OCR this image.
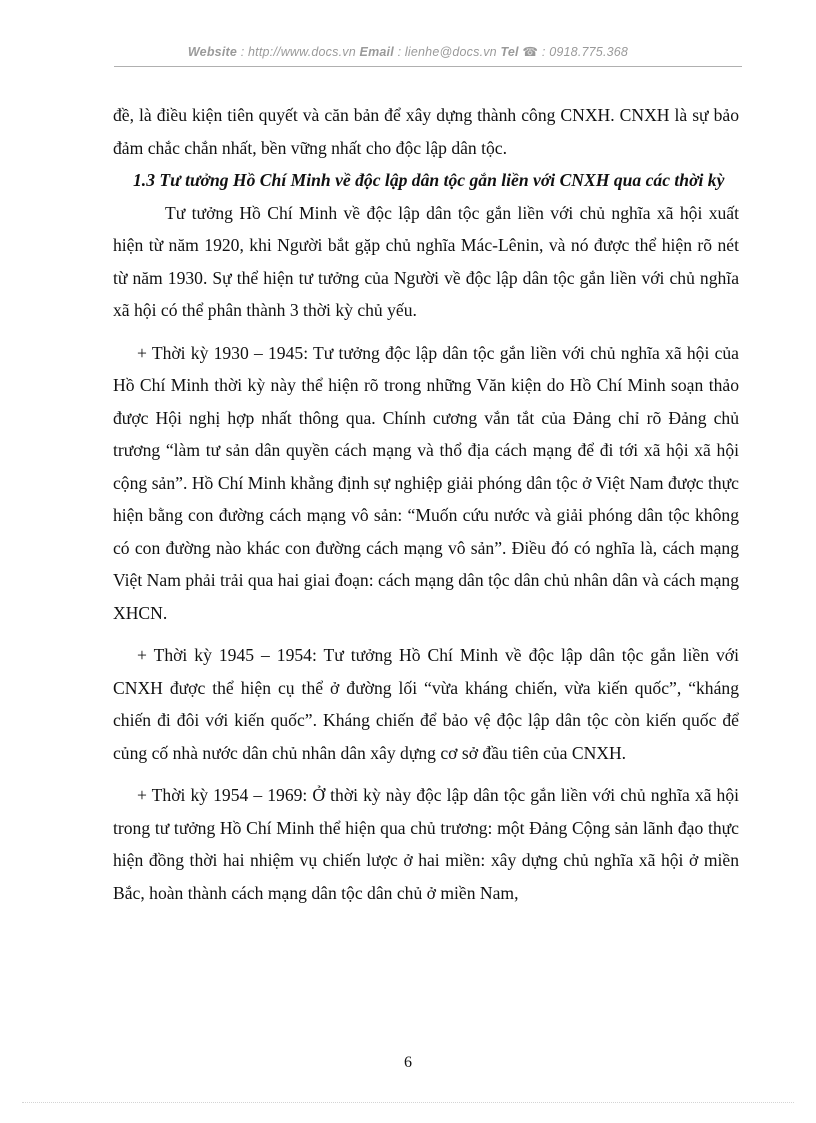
Website : http://www.docs.vn Email : lienhe@docs.vn Tel ☎ : 0918.775.368

đề, là điều kiện tiên quyết và căn bản để xây dựng thành công CNXH. CNXH là sự bảo đảm chắc chắn nhất, bền vững nhất cho độc lập dân tộc.

1.3 Tư tưởng Hồ Chí Minh về độc lập dân tộc gắn liền với CNXH qua các thời kỳ

Tư tưởng Hồ Chí Minh về độc lập dân tộc gắn liền với chủ nghĩa xã hội xuất hiện từ năm 1920, khi Người bắt gặp chủ nghĩa Mác-Lênin, và nó được thể hiện rõ nét từ năm 1930. Sự thể hiện tư tưởng của Người về độc lập dân tộc gắn liền với chủ nghĩa xã hội có thể phân thành 3 thời kỳ chủ yếu.

+ Thời kỳ 1930 – 1945: Tư tưởng độc lập dân tộc gắn liền với chủ nghĩa xã hội của Hồ Chí Minh thời kỳ này thể hiện rõ trong những Văn kiện do Hồ Chí Minh soạn thảo được Hội nghị hợp nhất thông qua. Chính cương vắn tắt của Đảng chỉ rõ Đảng chủ trương “làm tư sản dân quyền cách mạng và thổ địa cách mạng để đi tới xã hội xã hội cộng sản”. Hồ Chí Minh khẳng định sự nghiệp giải phóng dân tộc ở Việt Nam được thực hiện bằng con đường cách mạng vô sản: “Muốn cứu nước và giải phóng dân tộc không có con đường nào khác con đường cách mạng vô sản”. Điều đó có nghĩa là, cách mạng Việt Nam phải trải qua hai giai đoạn: cách mạng dân tộc dân chủ nhân dân và cách mạng XHCN.

+ Thời kỳ 1945 – 1954: Tư tưởng Hồ Chí Minh về độc lập dân tộc gắn liền với CNXH được thể hiện cụ thể ở đường lối “vừa kháng chiến, vừa kiến quốc”, “kháng chiến đi đôi với kiến quốc”. Kháng chiến để bảo vệ độc lập dân tộc còn kiến quốc để củng cố nhà nước dân chủ nhân dân xây dựng cơ sở đầu tiên của CNXH.

+ Thời kỳ 1954 – 1969: Ở thời kỳ này độc lập dân tộc gắn liền với chủ nghĩa xã hội trong tư tưởng Hồ Chí Minh thể hiện qua chủ trương: một Đảng Cộng sản lãnh đạo thực hiện đồng thời hai nhiệm vụ chiến lược ở hai miền: xây dựng chủ nghĩa xã hội ở miền Bắc, hoàn thành cách mạng dân tộc dân chủ ở miền Nam,

6
